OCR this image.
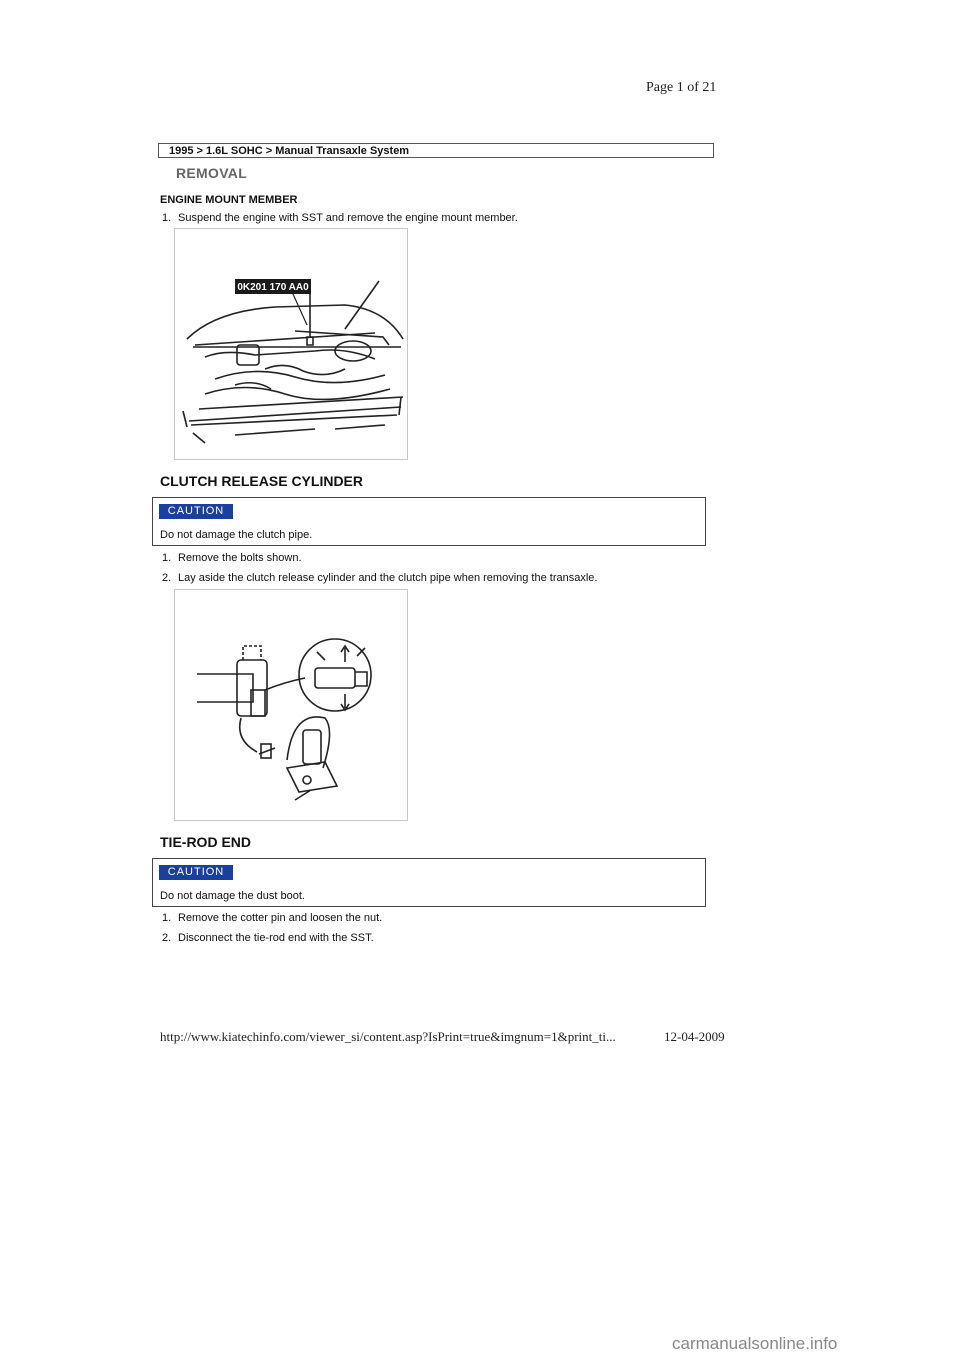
Page 1 of 21
1995 > 1.6L SOHC > Manual Transaxle System
REMOVAL
ENGINE MOUNT MEMBER
1. Suspend the engine with SST and remove the engine mount member.
0K201 170 AA0
CLUTCH RELEASE CYLINDER
CAUTION
Do not damage the clutch pipe.
1. Remove the bolts shown.
2. Lay aside the clutch release cylinder and the clutch pipe when removing the transaxle.
TIE-ROD END
CAUTION
Do not damage the dust boot.
1. Remove the cotter pin and loosen the nut.
2. Disconnect the tie-rod end with the SST.
http://www.kiatechinfo.com/viewer_si/content.asp?IsPrint=true&imgnum=1&print_ti...	12-04-2009
carmanualsonline.info
